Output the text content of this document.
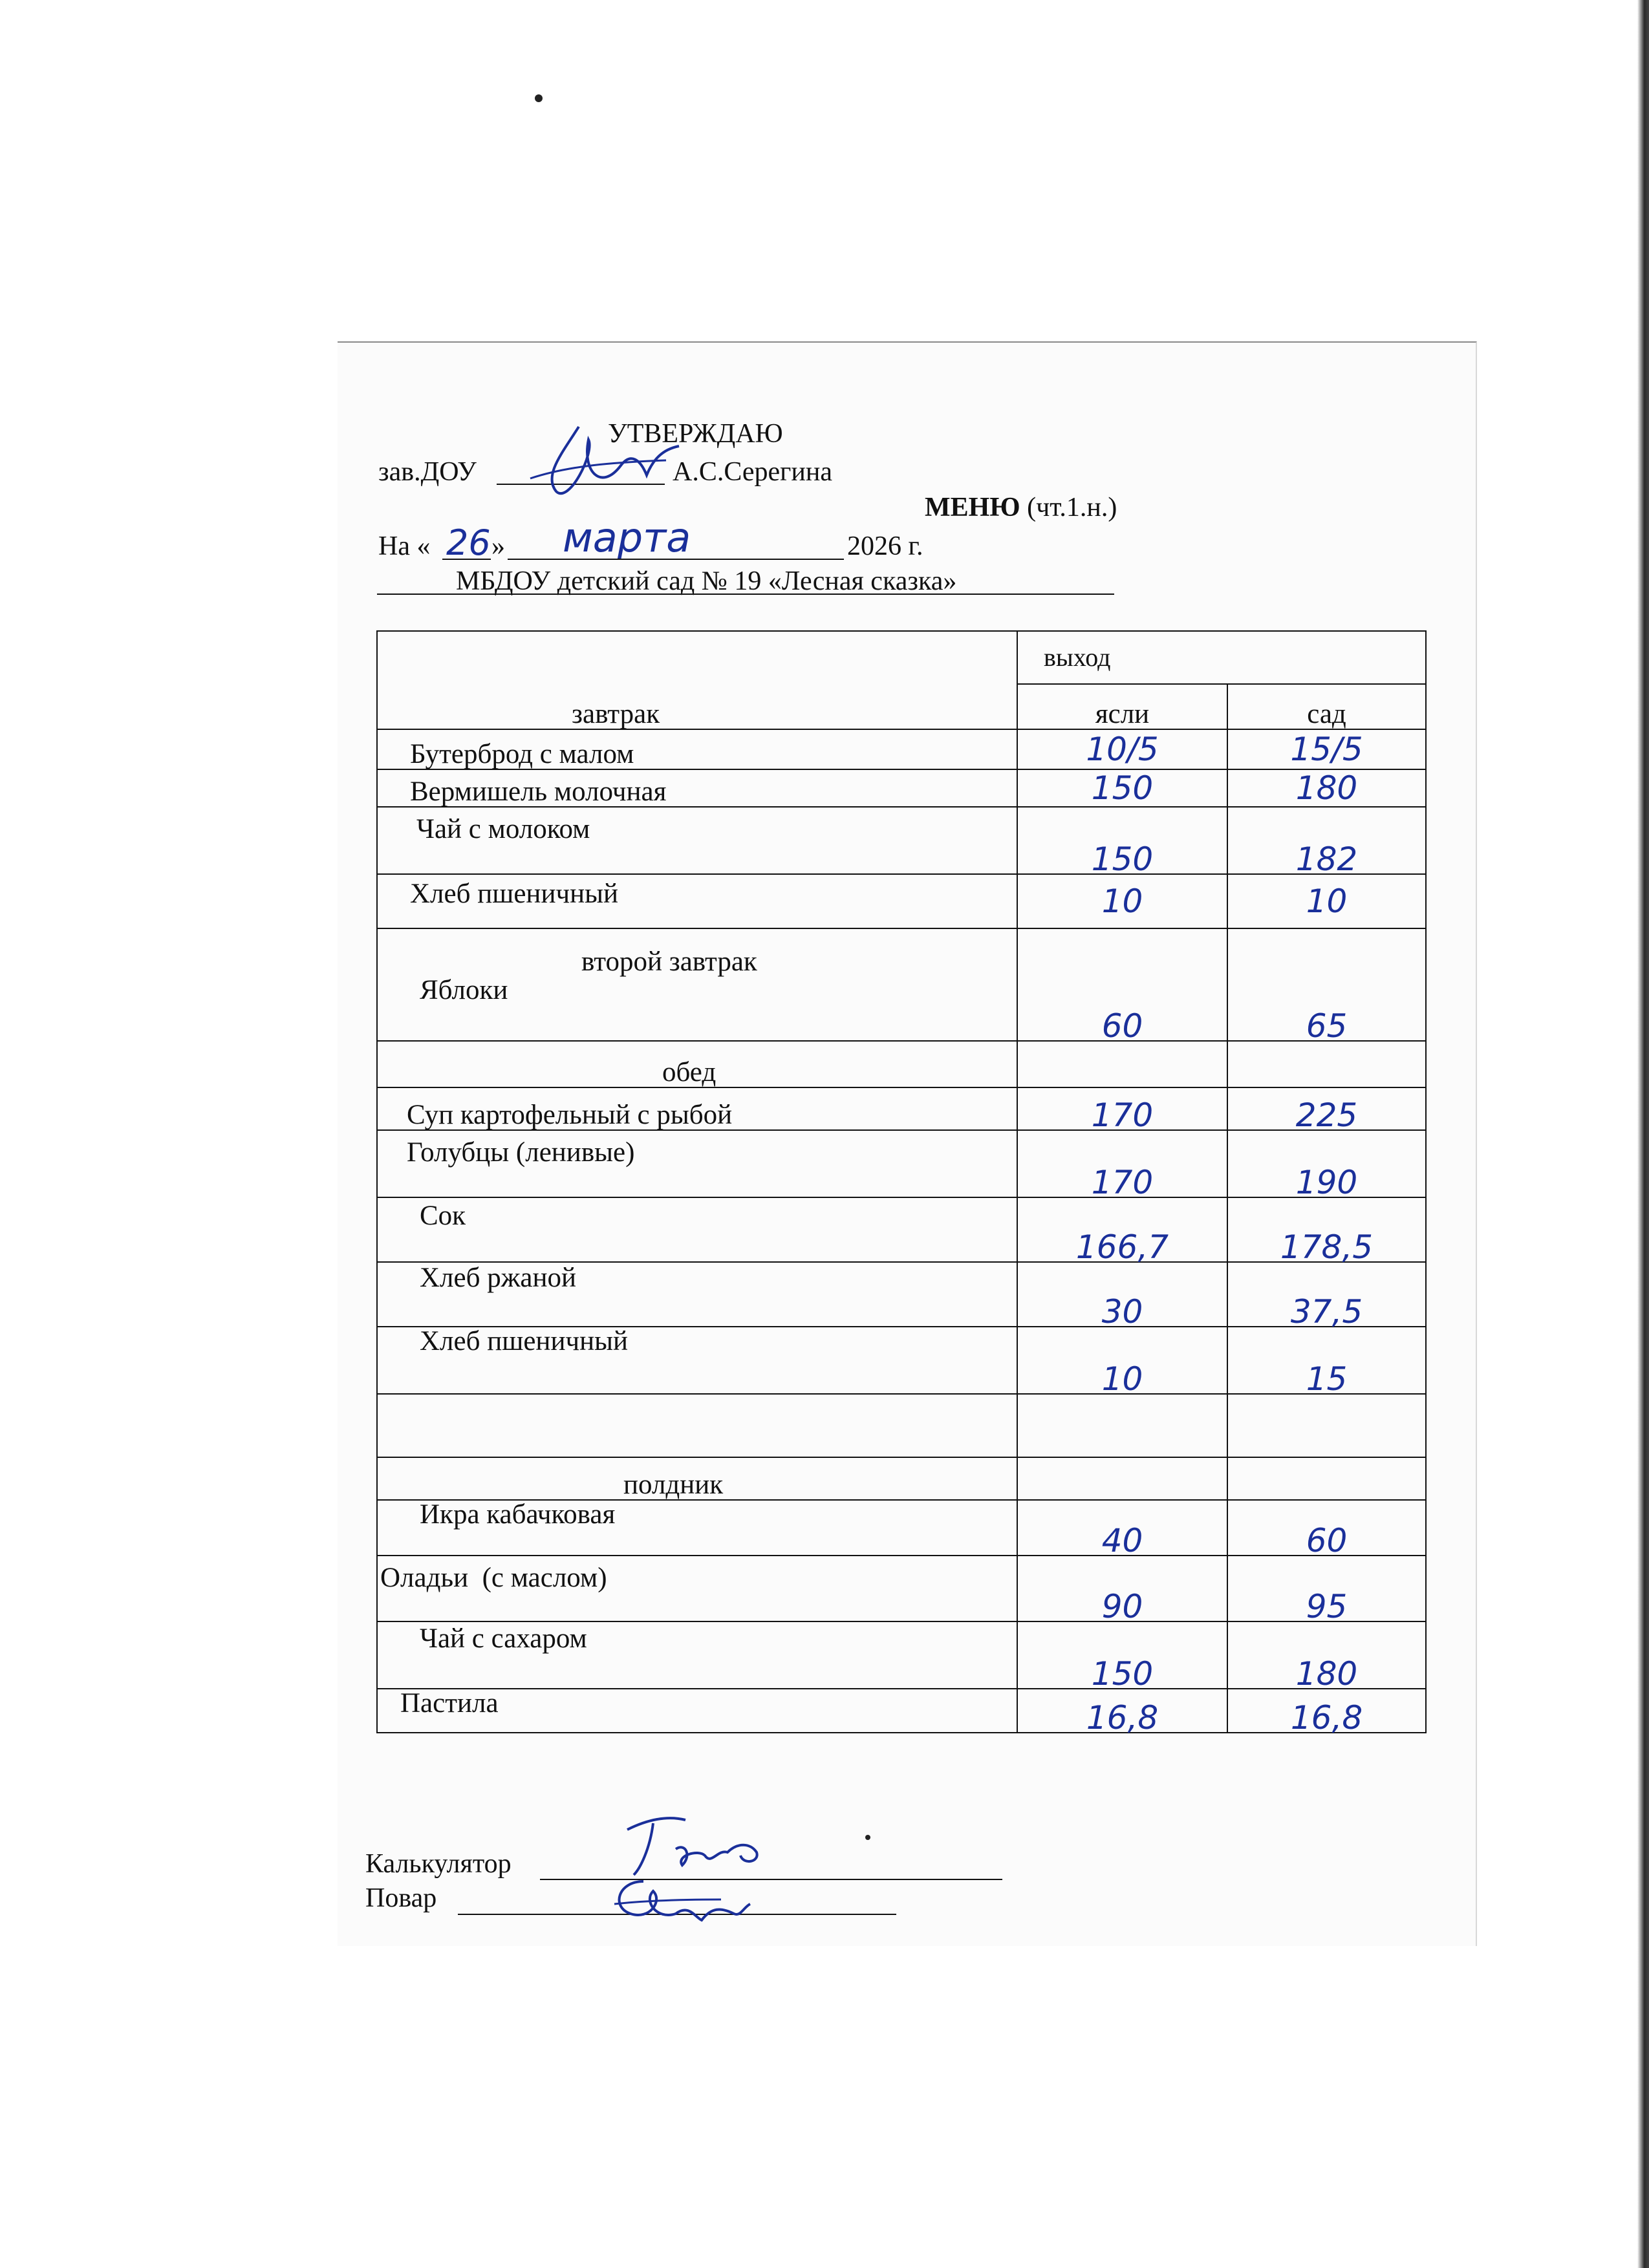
УТВЕРЖДАЮ
зав.ДОУ	А.С.Серегина
МЕНЮ (чт.1.н.)
На « 26 » марта	2026 г.
МБДОУ детский сад № 19 «Лесная сказка»
	выход	
завтрак	ясли	сад
Бутерброд с малом	10/5	15/5
Вермишель молочная	150	180
Чай с молоком	150	182
Хлеб пшеничный	10	10
второй завтрак		
Яблоки	60	65
обед		
Суп картофельный с рыбой	170	225
Голубцы (ленивые)	170	190
Сок	166,7	178,5
Хлеб ржаной	30	37,5
Хлеб пшеничный	10	15

полдник		
Икра кабачковая	40	60
Оладьи  (с маслом)	90	95
Чай с сахаром	150	180
Пастила	16,8	16,8
Калькулятор
Повар
